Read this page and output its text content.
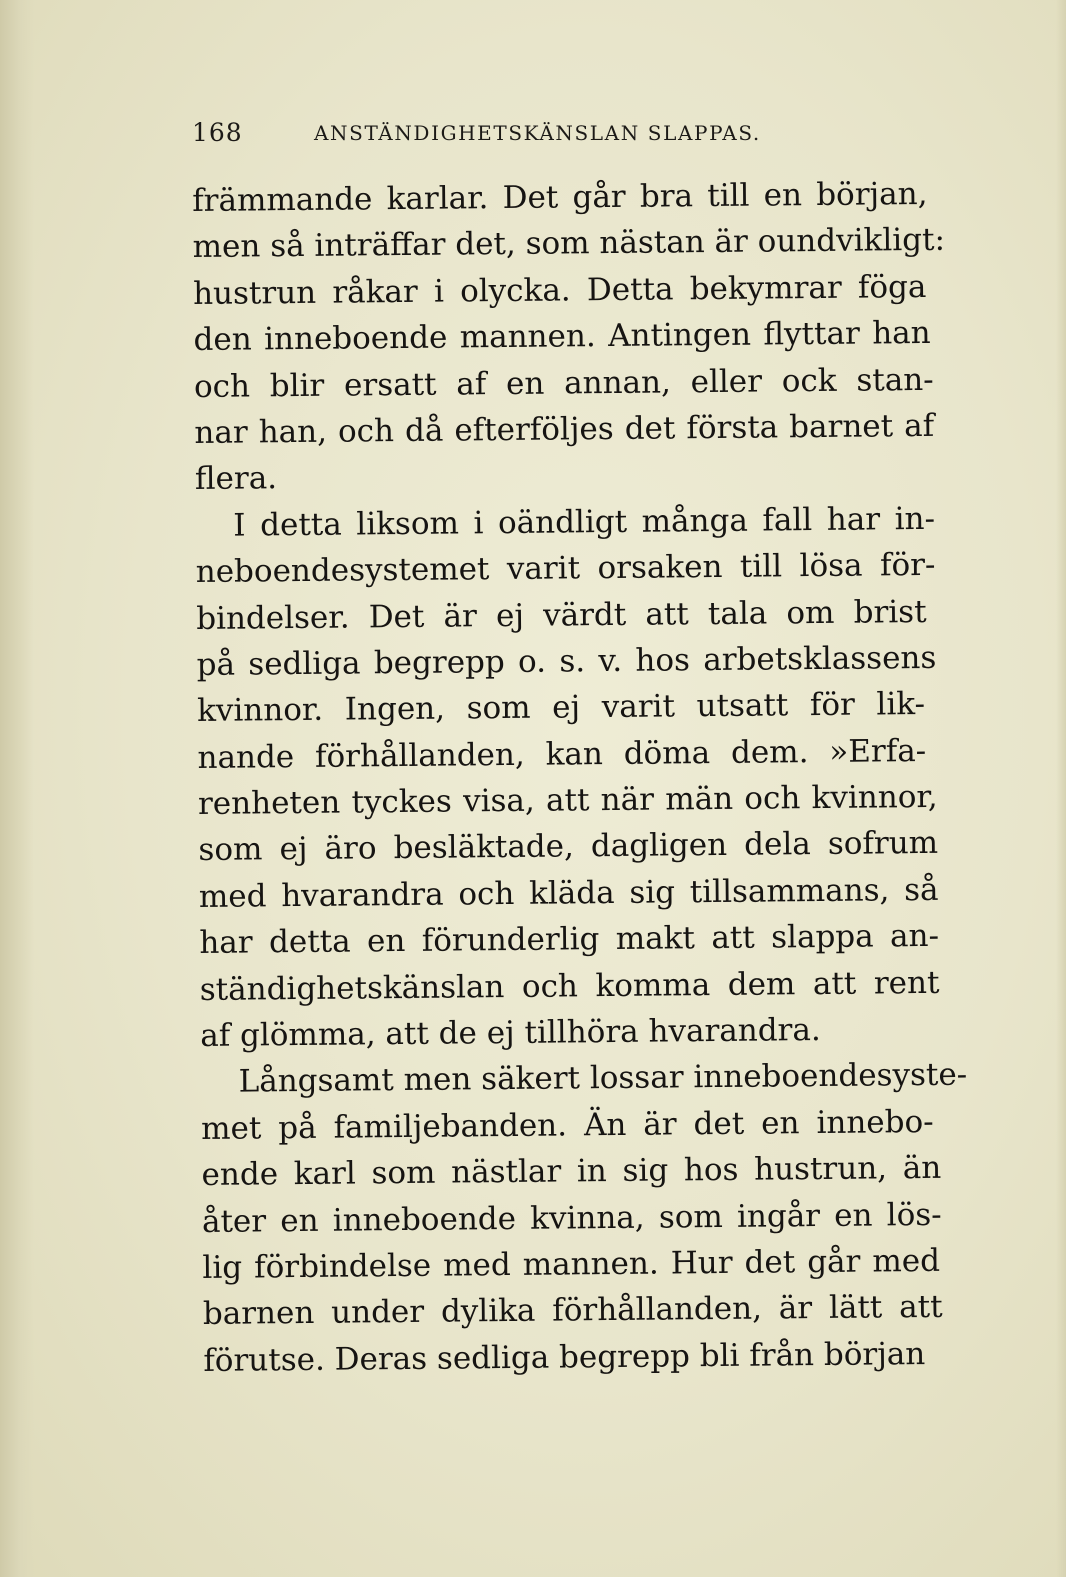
168	ANSTÄNDIGHETSKÄNSLAN SLAPPAS.
främmande karlar. Det går bra till en början,
men så inträffar det, som nästan är oundvikligt:
hustrun råkar i olycka. Detta bekymrar föga
den inneboende mannen. Antingen flyttar han
och blir ersatt af en annan, eller ock stan-
nar han, och då efterföljes det första barnet af
flera.
I detta liksom i oändligt många fall har in-
neboendesystemet varit orsaken till lösa för-
bindelser. Det är ej värdt att tala om brist
på sedliga begrepp o. s. v. hos arbetsklassens
kvinnor. Ingen, som ej varit utsatt för lik-
nande förhållanden, kan döma dem. »Erfa-
renheten tyckes visa, att när män och kvinnor,
som ej äro besläktade, dagligen dela sofrum
med hvarandra och kläda sig tillsammans, så
har detta en förunderlig makt att slappa an-
ständighetskänslan och komma dem att rent
af glömma, att de ej tillhöra hvarandra.
Långsamt men säkert lossar inneboendesyste-
met på familjebanden. Än är det en innebo-
ende karl som nästlar in sig hos hustrun, än
åter en inneboende kvinna, som ingår en lös-
lig förbindelse med mannen. Hur det går med
barnen under dylika förhållanden, är lätt att
förutse. Deras sedliga begrepp bli från början
